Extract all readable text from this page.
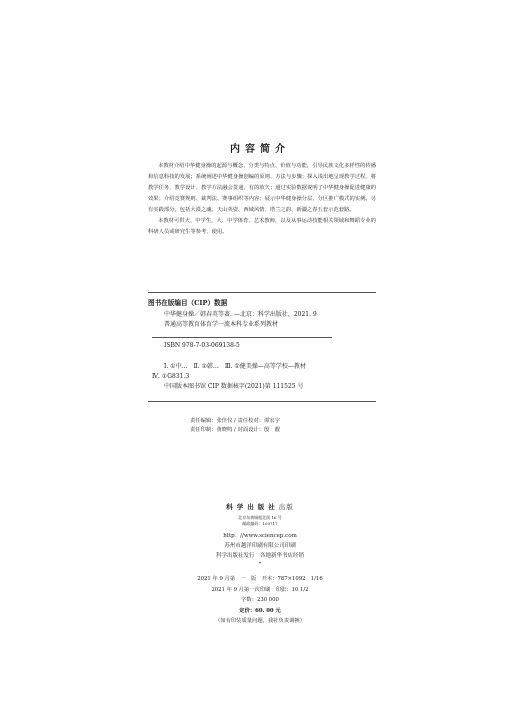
内容简介

本教材介绍中华健身操的起源与概念、分类与特点、价值与功能，引导民族文化多样性的传播和信息科技的发展；系统阐述中华健身操创编的原则、方法与步骤；探入浅出地呈现教学过程，将教学任务、教学设计、教学方法融会贯通，有的放矢；通过实验数据说明了中华健身操促进健康的效果；介绍竞赛规则、裁判法、赛事组织等内容；展示中华健身操分层、分区推广模式的实例。另有实践部分，包括大漠之魂、天山英姿、西域风情、塔兰之韵、新疆之春五套示范套路。

本教材可供大、中学生，大、中学体育、艺术教师，以及从事运动技能相关领域和舞蹈专业的科研人员或研究生等参考、使用。

图书在版编目（CIP）数据
中华健身操／韩春英等著. —北京：科学出版社，2021. 9
普通高等教育体育学一流本科专业系列教材
ISBN 978-7-03-069138-5
Ⅰ. ①中…　Ⅱ. ①韩…　Ⅲ. ①健美操—高等学校—教材
Ⅳ. ①G831.3
中国版本图书馆 CIP 数据核字(2021)第 111525 号
责任编辑：张佳仪 / 责任校对：谭宏宇
责任印制：黄晓鸣 / 封面设计：殷　靓
科学出版社出版
北京东黄城根北街 16 号
邮政编码：100717
http：//www.sciencep.com
苏州市越洋印刷有限公司印刷
科学出版社发行　各地新华书店经销
*
2021 年 9 月第　一　版　开本：787×1092　1/16
2021 年 9 月第一次印刷　印张：10 1/2
字数：230 000
定价：60. 00 元
（如有印装质量问题，我社负责调换）
